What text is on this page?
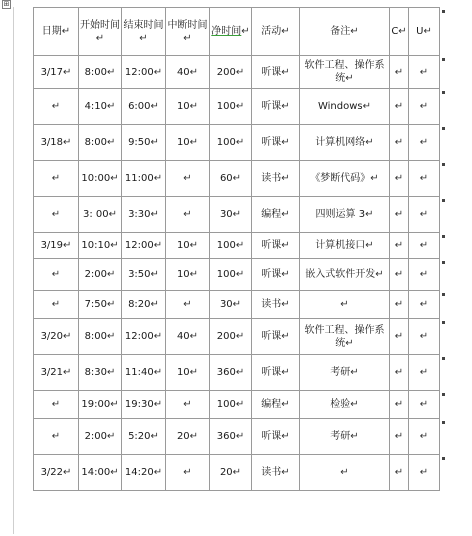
⊞
日期↵	开始时间↵	结束时间↵	中断时间↵	净时间↵	活动↵	备注↵	C↵	U↵
3/17↵	8:00↵	12:00↵	40↵	200↵	听课↵	软件工程、操作系统↵	↵	↵
↵	4:10↵	6:00↵	10↵	100↵	听课↵	Windows↵	↵	↵
3/18↵	8:00↵	9:50↵	10↵	100↵	听课↵	计算机网络↵	↵	↵
↵	10:00↵	11:00↵	↵	60↵	读书↵	《梦断代码》↵	↵	↵
↵	3: 00↵	3:30↵	↵	30↵	编程↵	四则运算 3↵	↵	↵
3/19↵	10:10↵	12:00↵	10↵	100↵	听课↵	计算机接口↵	↵	↵
↵	2:00↵	3:50↵	10↵	100↵	听课↵	嵌入式软件开发↵	↵	↵
↵	7:50↵	8:20↵	↵	30↵	读书↵	↵	↵	↵
3/20↵	8:00↵	12:00↵	40↵	200↵	听课↵	软件工程、操作系统↵	↵	↵
3/21↵	8:30↵	11:40↵	10↵	360↵	听课↵	考研↵	↵	↵
↵	19:00↵	19:30↵	↵	100↵	编程↵	检验↵	↵	↵
↵	2:00↵	5:20↵	20↵	360↵	听课↵	考研↵	↵	↵
3/22↵	14:00↵	14:20↵	↵	20↵	读书↵	↵	↵	↵
